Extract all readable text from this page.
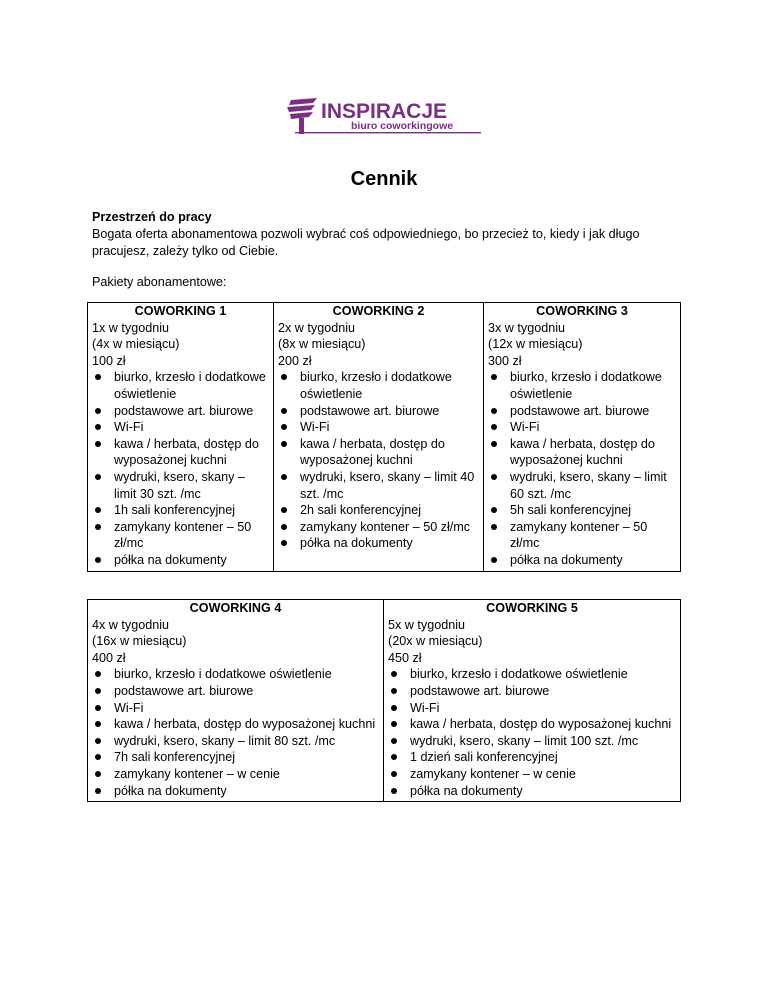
INSPIRACJE
biuro coworkingowe
Cennik
Przestrzeń do pracy

Bogata oferta abonamentowa pozwoli wybrać coś odpowiedniego, bo przecież to, kiedy i jak długo

pracujesz, zależy tylko od Ciebie.

Pakiety abonamentowe:
COWORKING 1
1x w tygodniu
(4x w miesiącu)
100 zł
biurko, krzesło i dodatkowe oświetlenie
podstawowe art. biurowe
Wi-Fi
kawa / herbata, dostęp do wyposażonej kuchni
wydruki, ksero, skany – limit 30 szt. /mc
1h sali konferencyjnej
zamykany kontener – 50 zł/mc
półka na dokumenty

COWORKING 2
2x w tygodniu
(8x w miesiącu)
200 zł
biurko, krzesło i dodatkowe oświetlenie
podstawowe art. biurowe
Wi-Fi
kawa / herbata, dostęp do wyposażonej kuchni
wydruki, ksero, skany – limit 40 szt. /mc
2h sali konferencyjnej
zamykany kontener – 50 zł/mc
półka na dokumenty

COWORKING 3
3x w tygodniu
(12x w miesiącu)
300 zł
biurko, krzesło i dodatkowe oświetlenie
podstawowe art. biurowe
Wi-Fi
kawa / herbata, dostęp do wyposażonej kuchni
wydruki, ksero, skany – limit 60 szt. /mc
5h sali konferencyjnej
zamykany kontener – 50 zł/mc
półka na dokumenty
COWORKING 4
4x w tygodniu
(16x w miesiącu)
400 zł
biurko, krzesło i dodatkowe oświetlenie
podstawowe art. biurowe
Wi-Fi
kawa / herbata, dostęp do wyposażonej kuchni
wydruki, ksero, skany – limit 80 szt. /mc
7h sali konferencyjnej
zamykany kontener – w cenie
półka na dokumenty

COWORKING 5
5x w tygodniu
(20x w miesiącu)
450 zł
biurko, krzesło i dodatkowe oświetlenie
podstawowe art. biurowe
Wi-Fi
kawa / herbata, dostęp do wyposażonej kuchni
wydruki, ksero, skany – limit 100 szt. /mc
1 dzień sali konferencyjnej
zamykany kontener – w cenie
półka na dokumenty
